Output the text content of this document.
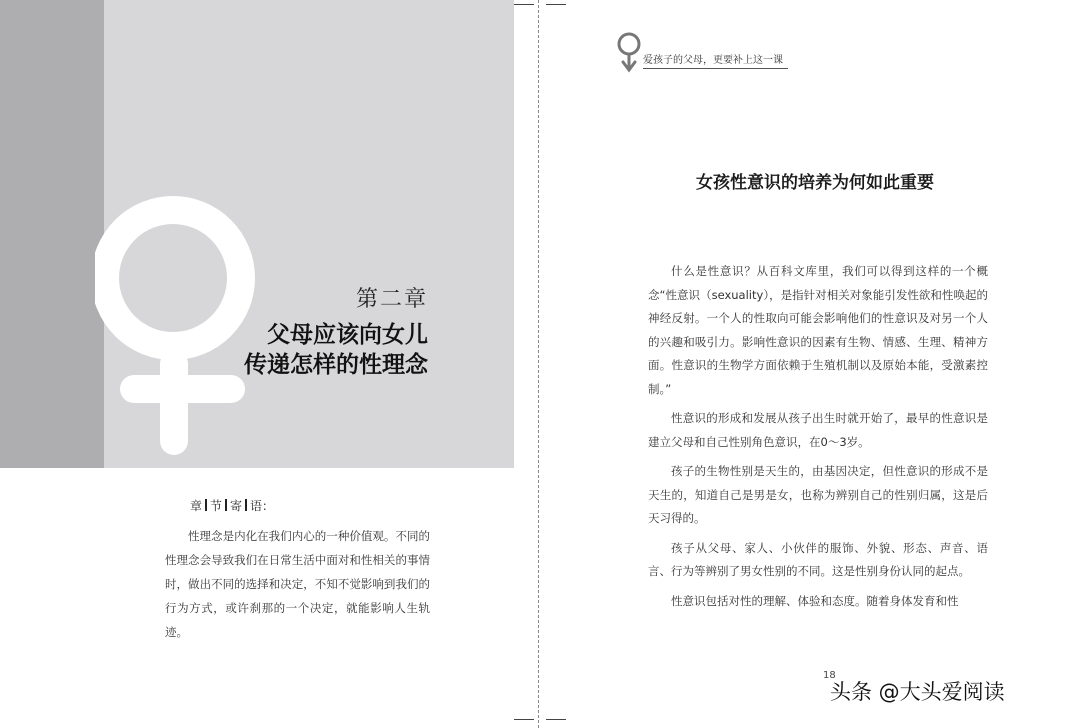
第二章
父母应该向女儿
传递怎样的性理念
章 节 寄 语：
性理念是内化在我们内心的一种价值观。不同的性理念会导致我们在日常生活中面对和性相关的事情时，做出不同的选择和决定，不知不觉影响到我们的行为方式，或许刹那的一个决定，就能影响人生轨迹。
爱孩子的父母，更要补上这一课
女孩性意识的培养为何如此重要

什么是性意识？从百科文库里，我们可以得到这样的一个概念“性意识（sexuality），是指针对相关对象能引发性欲和性唤起的神经反射。一个人的性取向可能会影响他们的性意识及对另一个人的兴趣和吸引力。影响性意识的因素有生物、情感、生理、精神方面。性意识的生物学方面依赖于生殖机制以及原始本能，受激素控制。”

性意识的形成和发展从孩子出生时就开始了，最早的性意识是建立父母和自己性别角色意识，在0～3岁。

孩子的生物性别是天生的，由基因决定，但性意识的形成不是天生的，知道自己是男是女，也称为辨别自己的性别归属，这是后天习得的。

孩子从父母、家人、小伙伴的服饰、外貌、形态、声音、语言、行为等辨别了男女性别的不同。这是性别身份认同的起点。

性意识包括对性的理解、体验和态度。随着身体发育和性

18
头条 @大头爱阅读
